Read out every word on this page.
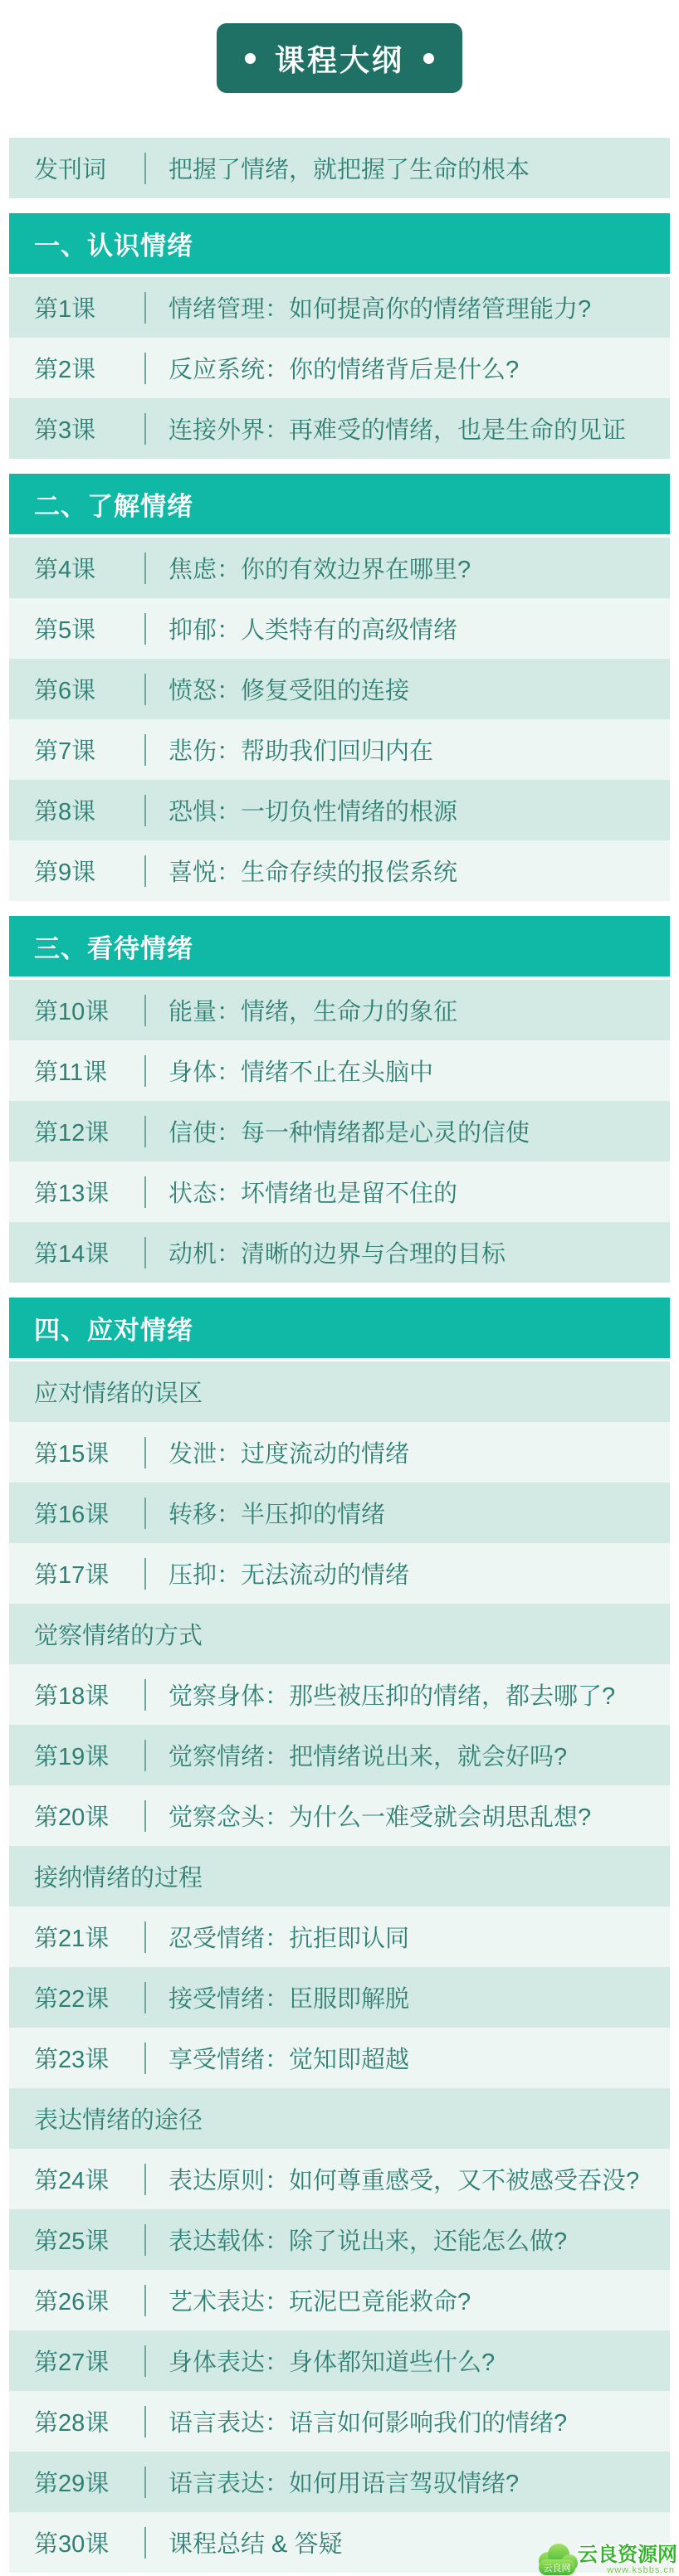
课程大纲
发刊词	把握了情绪，就把握了生命的根本
一、认识情绪
第1课	情绪管理：如何提高你的情绪管理能力?
第2课	反应系统：你的情绪背后是什么?
第3课	连接外界：再难受的情绪，也是生命的见证
二、了解情绪
第4课	焦虑：你的有效边界在哪里?
第5课	抑郁：人类特有的高级情绪
第6课	愤怒：修复受阻的连接
第7课	悲伤：帮助我们回归内在
第8课	恐惧：一切负性情绪的根源
第9课	喜悦：生命存续的报偿系统
三、看待情绪
第10课	能量：情绪，生命力的象征
第11课	身体：情绪不止在头脑中
第12课	信使：每一种情绪都是心灵的信使
第13课	状态：坏情绪也是留不住的
第14课	动机：清晰的边界与合理的目标
四、应对情绪
应对情绪的误区
第15课	发泄：过度流动的情绪
第16课	转移：半压抑的情绪
第17课	压抑：无法流动的情绪
觉察情绪的方式
第18课	觉察身体：那些被压抑的情绪，都去哪了?
第19课	觉察情绪：把情绪说出来，就会好吗?
第20课	觉察念头：为什么一难受就会胡思乱想?
接纳情绪的过程
第21课	忍受情绪：抗拒即认同
第22课	接受情绪：臣服即解脱
第23课	享受情绪：觉知即超越
表达情绪的途径
第24课	表达原则：如何尊重感受，又不被感受吞没?
第25课	表达载体：除了说出来，还能怎么做?
第26课	艺术表达：玩泥巴竟能救命?
第27课	身体表达：身体都知道些什么?
第28课	语言表达：语言如何影响我们的情绪?
第29课	语言表达：如何用语言驾驭情绪?
第30课	课程总结 & 答疑
云良网
云良资源网
www.ksbbs.cn
